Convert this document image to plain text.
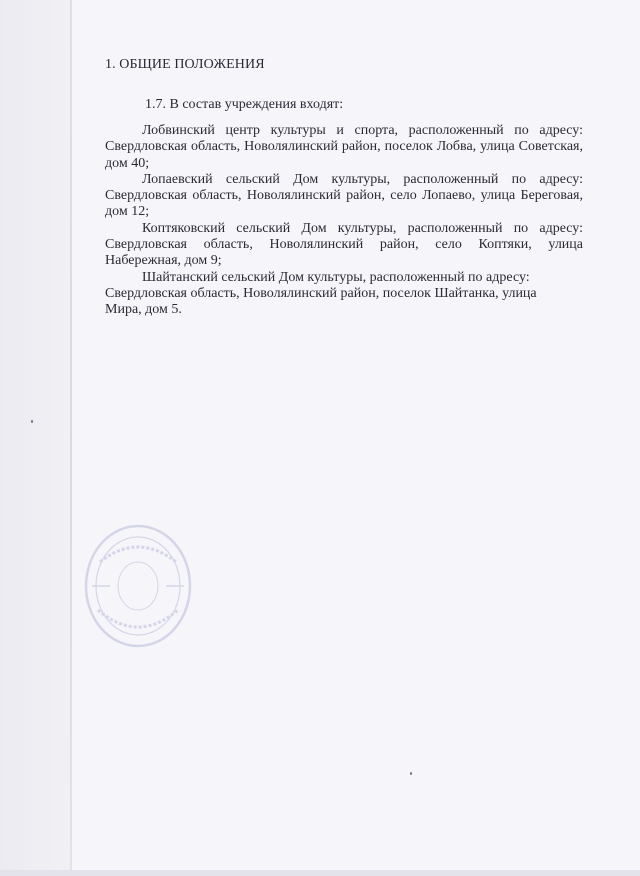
1. ОБЩИЕ ПОЛОЖЕНИЯ
1.7. В состав учреждения входят:

Лобвинский центр культуры и спорта, расположенный по адресу: Свердловская область, Новолялинский район, поселок Лобва, улица Советская, дом 40;

Лопаевский сельский Дом культуры, расположенный по адресу: Свердловская область, Новолялинский район, село Лопаево, улица Береговая, дом 12;

Коптяковский сельский Дом культуры, расположенный по адресу: Свердловская область, Новолялинский район, село Коптяки, улица Набережная, дом 9;

Шайтанский сельский Дом культуры, расположенный по адресу: Свердловская область, Новолялинский район, поселок Шайтанка, улица Мира, дом 5.
